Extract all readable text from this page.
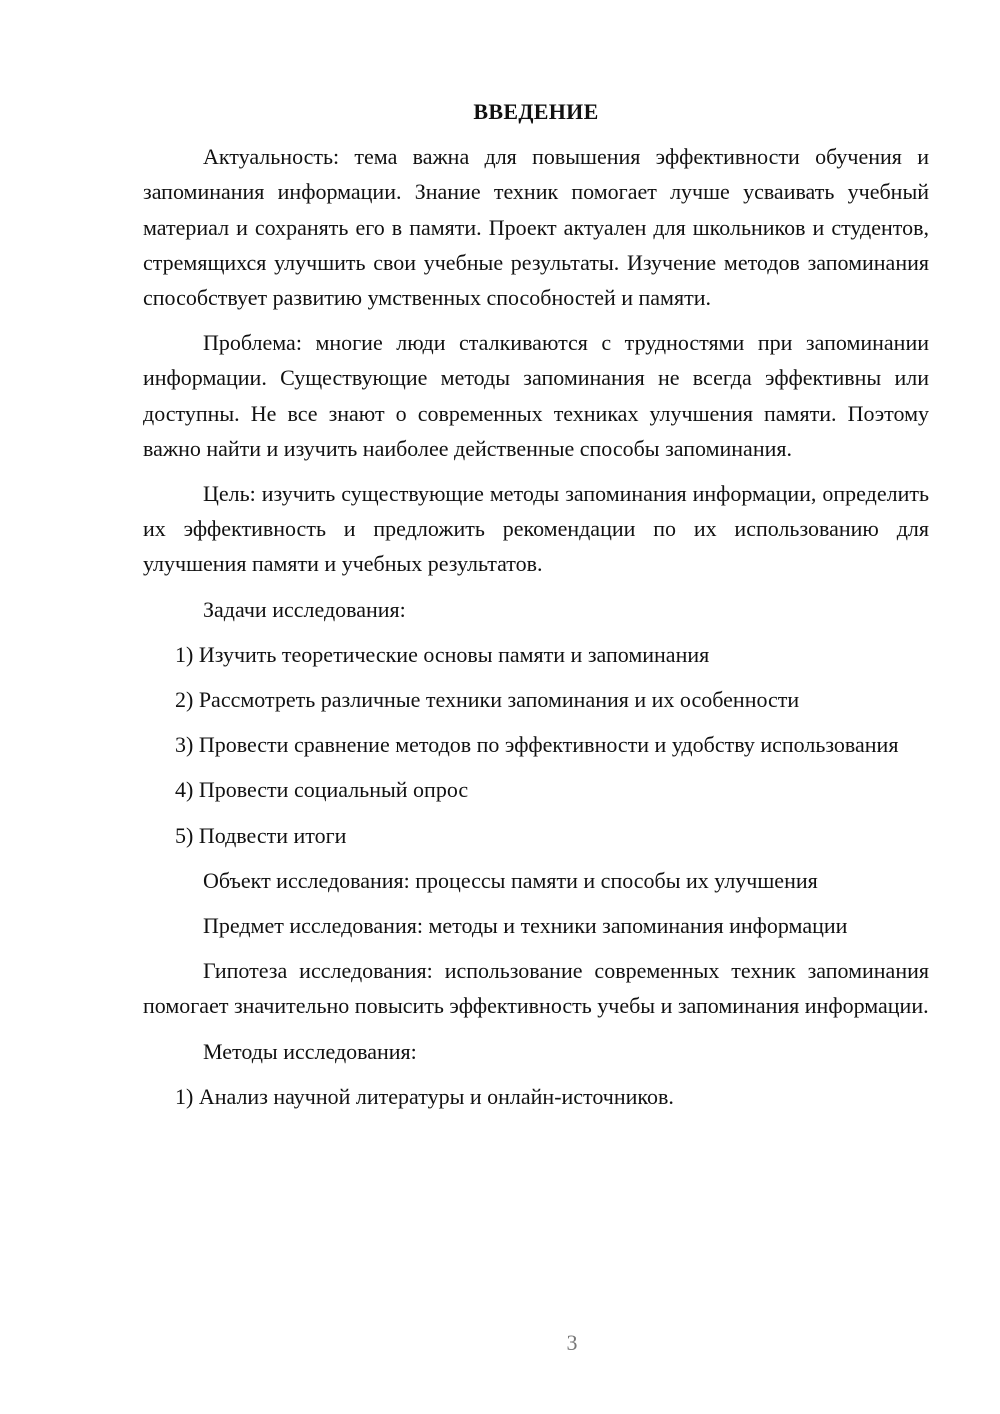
ВВЕДЕНИЕ

Актуальность: тема важна для повышения эффективности обучения и запоминания информации. Знание техник помогает лучше усваивать учебный материал и сохранять его в памяти. Проект актуален для школьников и студентов, стремящихся улучшить свои учебные результаты. Изучение методов запоминания способствует развитию умственных способностей и памяти.

Проблема: многие люди сталкиваются с трудностями при запоминании информации. Существующие методы запоминания не всегда эффективны или доступны. Не все знают о современных техниках улучшения памяти. Поэтому важно найти и изучить наиболее действенные способы запоминания.

Цель: изучить существующие методы запоминания информации, определить их эффективность и предложить рекомендации по их использованию для улучшения памяти и учебных результатов.

Задачи исследования:

1) Изучить теоретические основы памяти и запоминания

2) Рассмотреть различные техники запоминания и их особенности

3) Провести сравнение методов по эффективности и удобству использования

4) Провести социальный опрос

5) Подвести итоги

Объект исследования: процессы памяти и способы их улучшения

Предмет исследования: методы и техники запоминания информации

Гипотеза исследования: использование современных техник запоминания помогает значительно повысить эффективность учебы и запоминания информации.

Методы исследования:

1) Анализ научной литературы и онлайн-источников.

3
